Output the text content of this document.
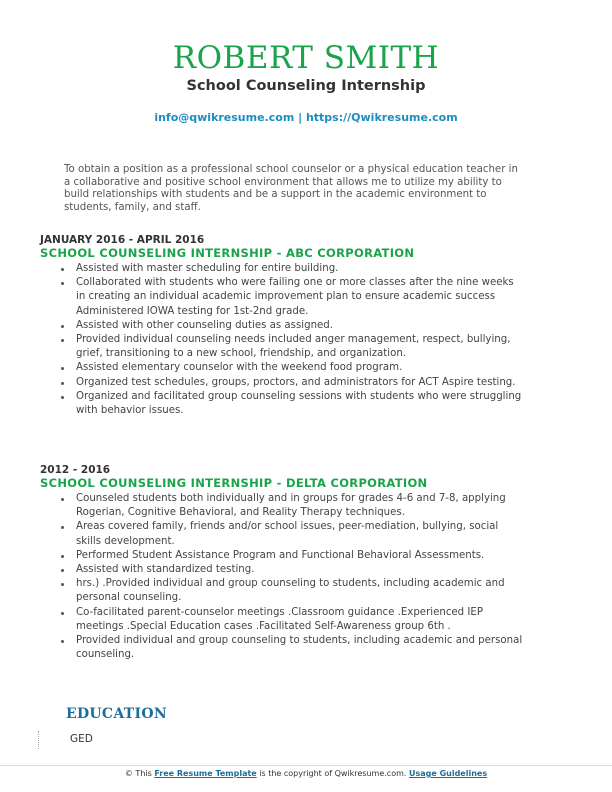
ROBERT SMITH
School Counseling Internship
info@qwikresume.com | https://Qwikresume.com
To obtain a position as a professional school counselor or a physical education teacher in a collaborative and positive school environment that allows me to utilize my ability to build relationships with students and be a support in the academic environment to students, family, and staff.
JANUARY 2016 - APRIL 2016
SCHOOL COUNSELING INTERNSHIP - ABC CORPORATION
Assisted with master scheduling for entire building.
Collaborated with students who were failing one or more classes after the nine weeks in creating an individual academic improvement plan to ensure academic success Administered IOWA testing for 1st-2nd grade.
Assisted with other counseling duties as assigned.
Provided individual counseling needs included anger management, respect, bullying, grief, transitioning to a new school, friendship, and organization.
Assisted elementary counselor with the weekend food program.
Organized test schedules, groups, proctors, and administrators for ACT Aspire testing.
Organized and facilitated group counseling sessions with students who were struggling with behavior issues.
2012 - 2016
SCHOOL COUNSELING INTERNSHIP - DELTA CORPORATION
Counseled students both individually and in groups for grades 4-6 and 7-8, applying Rogerian, Cognitive Behavioral, and Reality Therapy techniques.
Areas covered family, friends and/or school issues, peer-mediation, bullying, social skills development.
Performed Student Assistance Program and Functional Behavioral Assessments.
Assisted with standardized testing.
hrs.) .Provided individual and group counseling to students, including academic and personal counseling.
Co-facilitated parent-counselor meetings .Classroom guidance .Experienced IEP meetings .Special Education cases .Facilitated Self-Awareness group 6th .
Provided individual and group counseling to students, including academic and personal counseling.
EDUCATION
GED
© This Free Resume Template is the copyright of Qwikresume.com. Usage Guidelines
